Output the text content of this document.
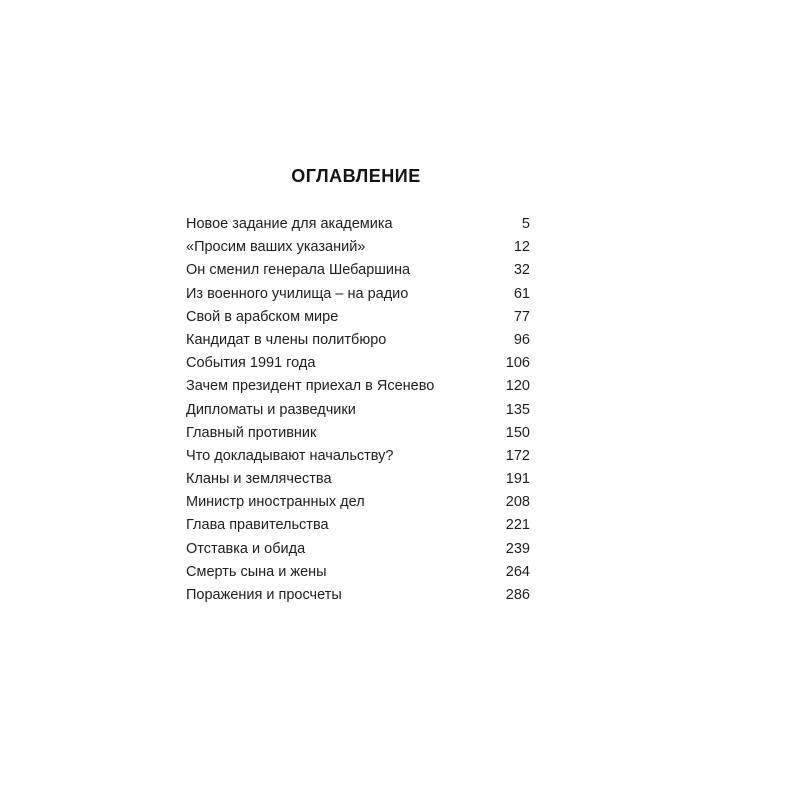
ОГЛАВЛЕНИЕ
Новое задание для академика	5
«Просим ваших указаний»	12
Он сменил генерала Шебаршина	32
Из военного училища – на радио	61
Свой в арабском мире	77
Кандидат в члены политбюро	96
События 1991 года	106
Зачем президент приехал в Ясенево	120
Дипломаты и разведчики	135
Главный противник	150
Что докладывают начальству?	172
Кланы и землячества	191
Министр иностранных дел	208
Глава правительства	221
Отставка и обида	239
Смерть сына и жены	264
Поражения и просчеты	286
